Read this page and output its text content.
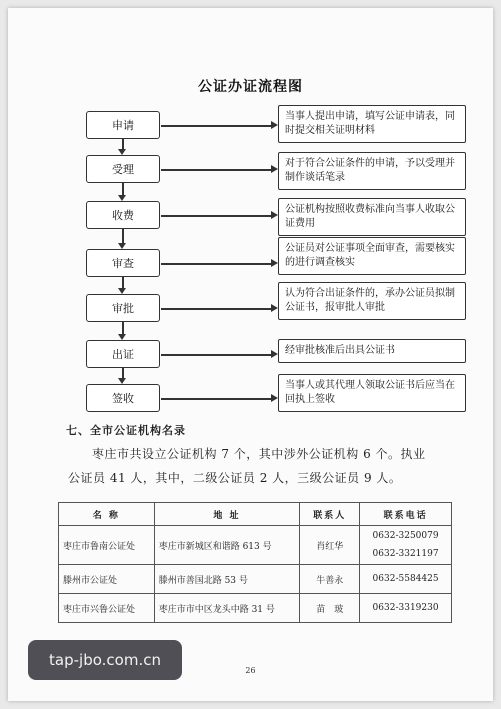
公证办证流程图
申请
当事人提出申请，填写公证申请表，同时提交相关证明材料
受理	对于符合公证条件的申请，予以受理并制作谈话笔录
收费	公证机构按照收费标准向当事人收取公证费用
审查
公证员对公证事项全面审查，需要核实的进行调查核实
审批
认为符合出证条件的，承办公证员拟制公证书，报审批人审批
出证	经审批核准后出具公证书
签收
当事人或其代理人领取公证书后应当在回执上签收
七、全市公证机构名录
枣庄市共设立公证机构 7 个，其中涉外公证机构 6 个。执业
公证员 41 人，其中，二级公证员 2 人，三级公证员 9 人。
名 称	地 址	联系人	联系电话
枣庄市鲁南公证处	枣庄市新城区和谐路 613 号	肖红华	0632-3250079
0632-3321197

滕州市公证处	滕州市善国北路 53 号	牛善永	0632-5584425
枣庄市兴鲁公证处	枣庄市市中区龙头中路 31 号	苗　玻	0632-3319230
26
tap-jbo.com.cn
